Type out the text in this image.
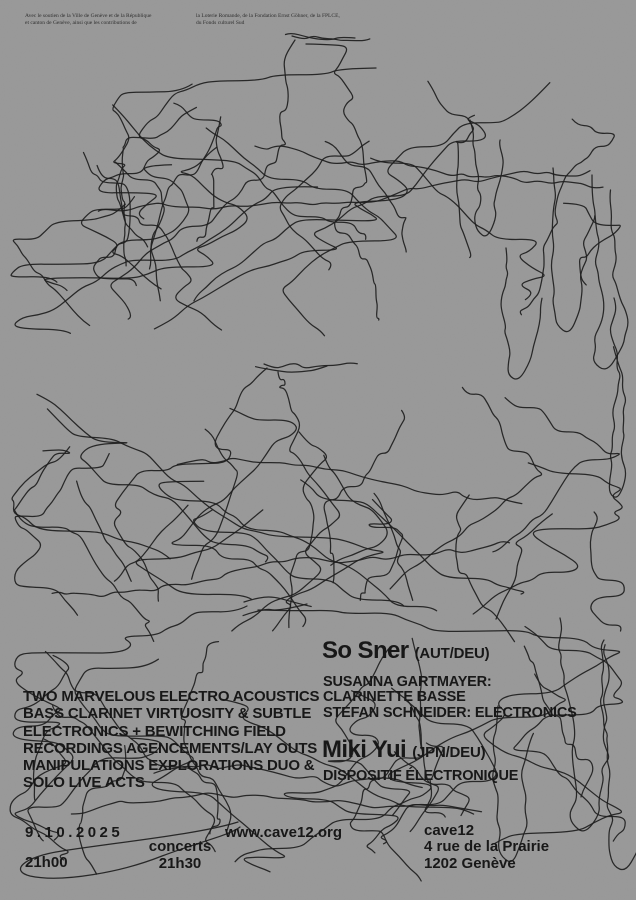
Avec le soutien de la Ville de Genève et de la République
et canton de Genève, ainsi que les contributions de
la Loterie Romande, de la Fondation Ernst Göhner, de la FPLCE,
du Fonds culturel Sud
TWO MARVELOUS ELECTRO ACOUSTICS
BASS CLARINET VIRTUOSITY & SUBTLE
ELECTRONICS + BEWITCHING FIELD
RECORDINGS AGENCEMENTS/LAY OUTS
MANIPULATIONS EXPLORATIONS DUO &
SOLO LIVE ACTS
So Sner (AUT/DEU)
SUSANNA GARTMAYER:
CLARINETTE BASSE
STEFAN SCHNEIDER: ELECTRONICS
Miki Yui (JPN/DEU)
DISPOSITIF ÉLECTRONIQUE
9.10.2025
21h00
concerts
21h30
www.cave12.org	cave12
4 rue de la Prairie
1202 Genève
